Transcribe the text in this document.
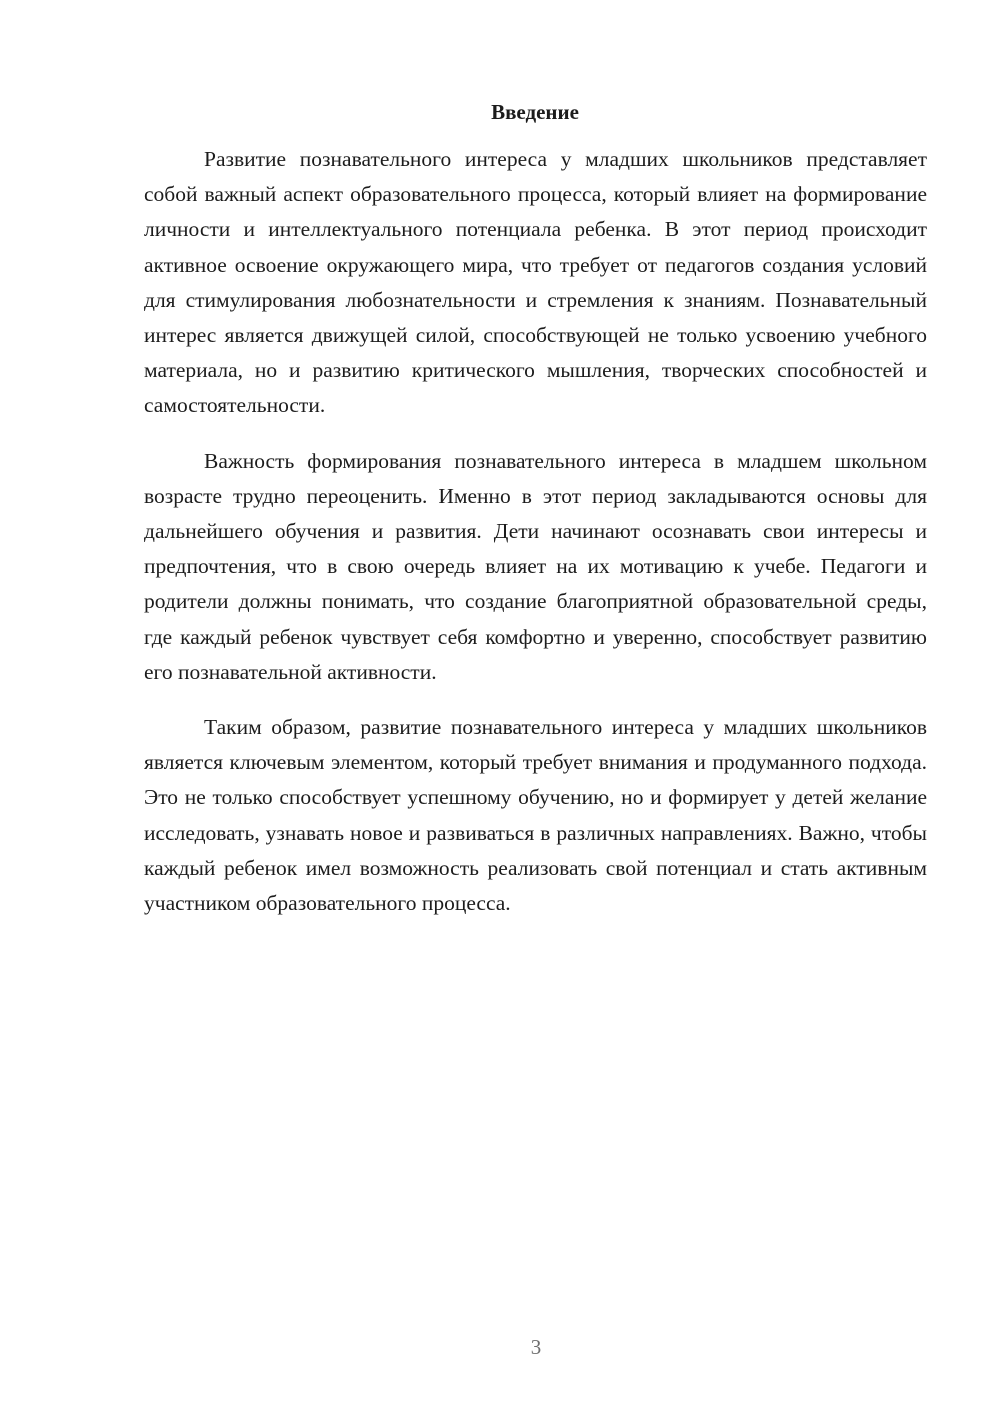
Введение

Развитие познавательного интереса у младших школьников представляет собой важный аспект образовательного процесса, который влияет на формирование личности и интеллектуального потенциала ребенка. В этот период происходит активное освоение окружающего мира, что требует от педагогов создания условий для стимулирования любознательности и стремления к знаниям. Познавательный интерес является движущей силой, способствующей не только усвоению учебного материала, но и развитию критического мышления, творческих способностей и самостоятельности.

Важность формирования познавательного интереса в младшем школьном возрасте трудно переоценить. Именно в этот период закладываются основы для дальнейшего обучения и развития. Дети начинают осознавать свои интересы и предпочтения, что в свою очередь влияет на их мотивацию к учебе. Педагоги и родители должны понимать, что создание благоприятной образовательной среды, где каждый ребенок чувствует себя комфортно и уверенно, способствует развитию его познавательной активности.

Таким образом, развитие познавательного интереса у младших школьников является ключевым элементом, который требует внимания и продуманного подхода. Это не только способствует успешному обучению, но и формирует у детей желание исследовать, узнавать новое и развиваться в различных направлениях. Важно, чтобы каждый ребенок имел возможность реализовать свой потенциал и стать активным участником образовательного процесса.

3
